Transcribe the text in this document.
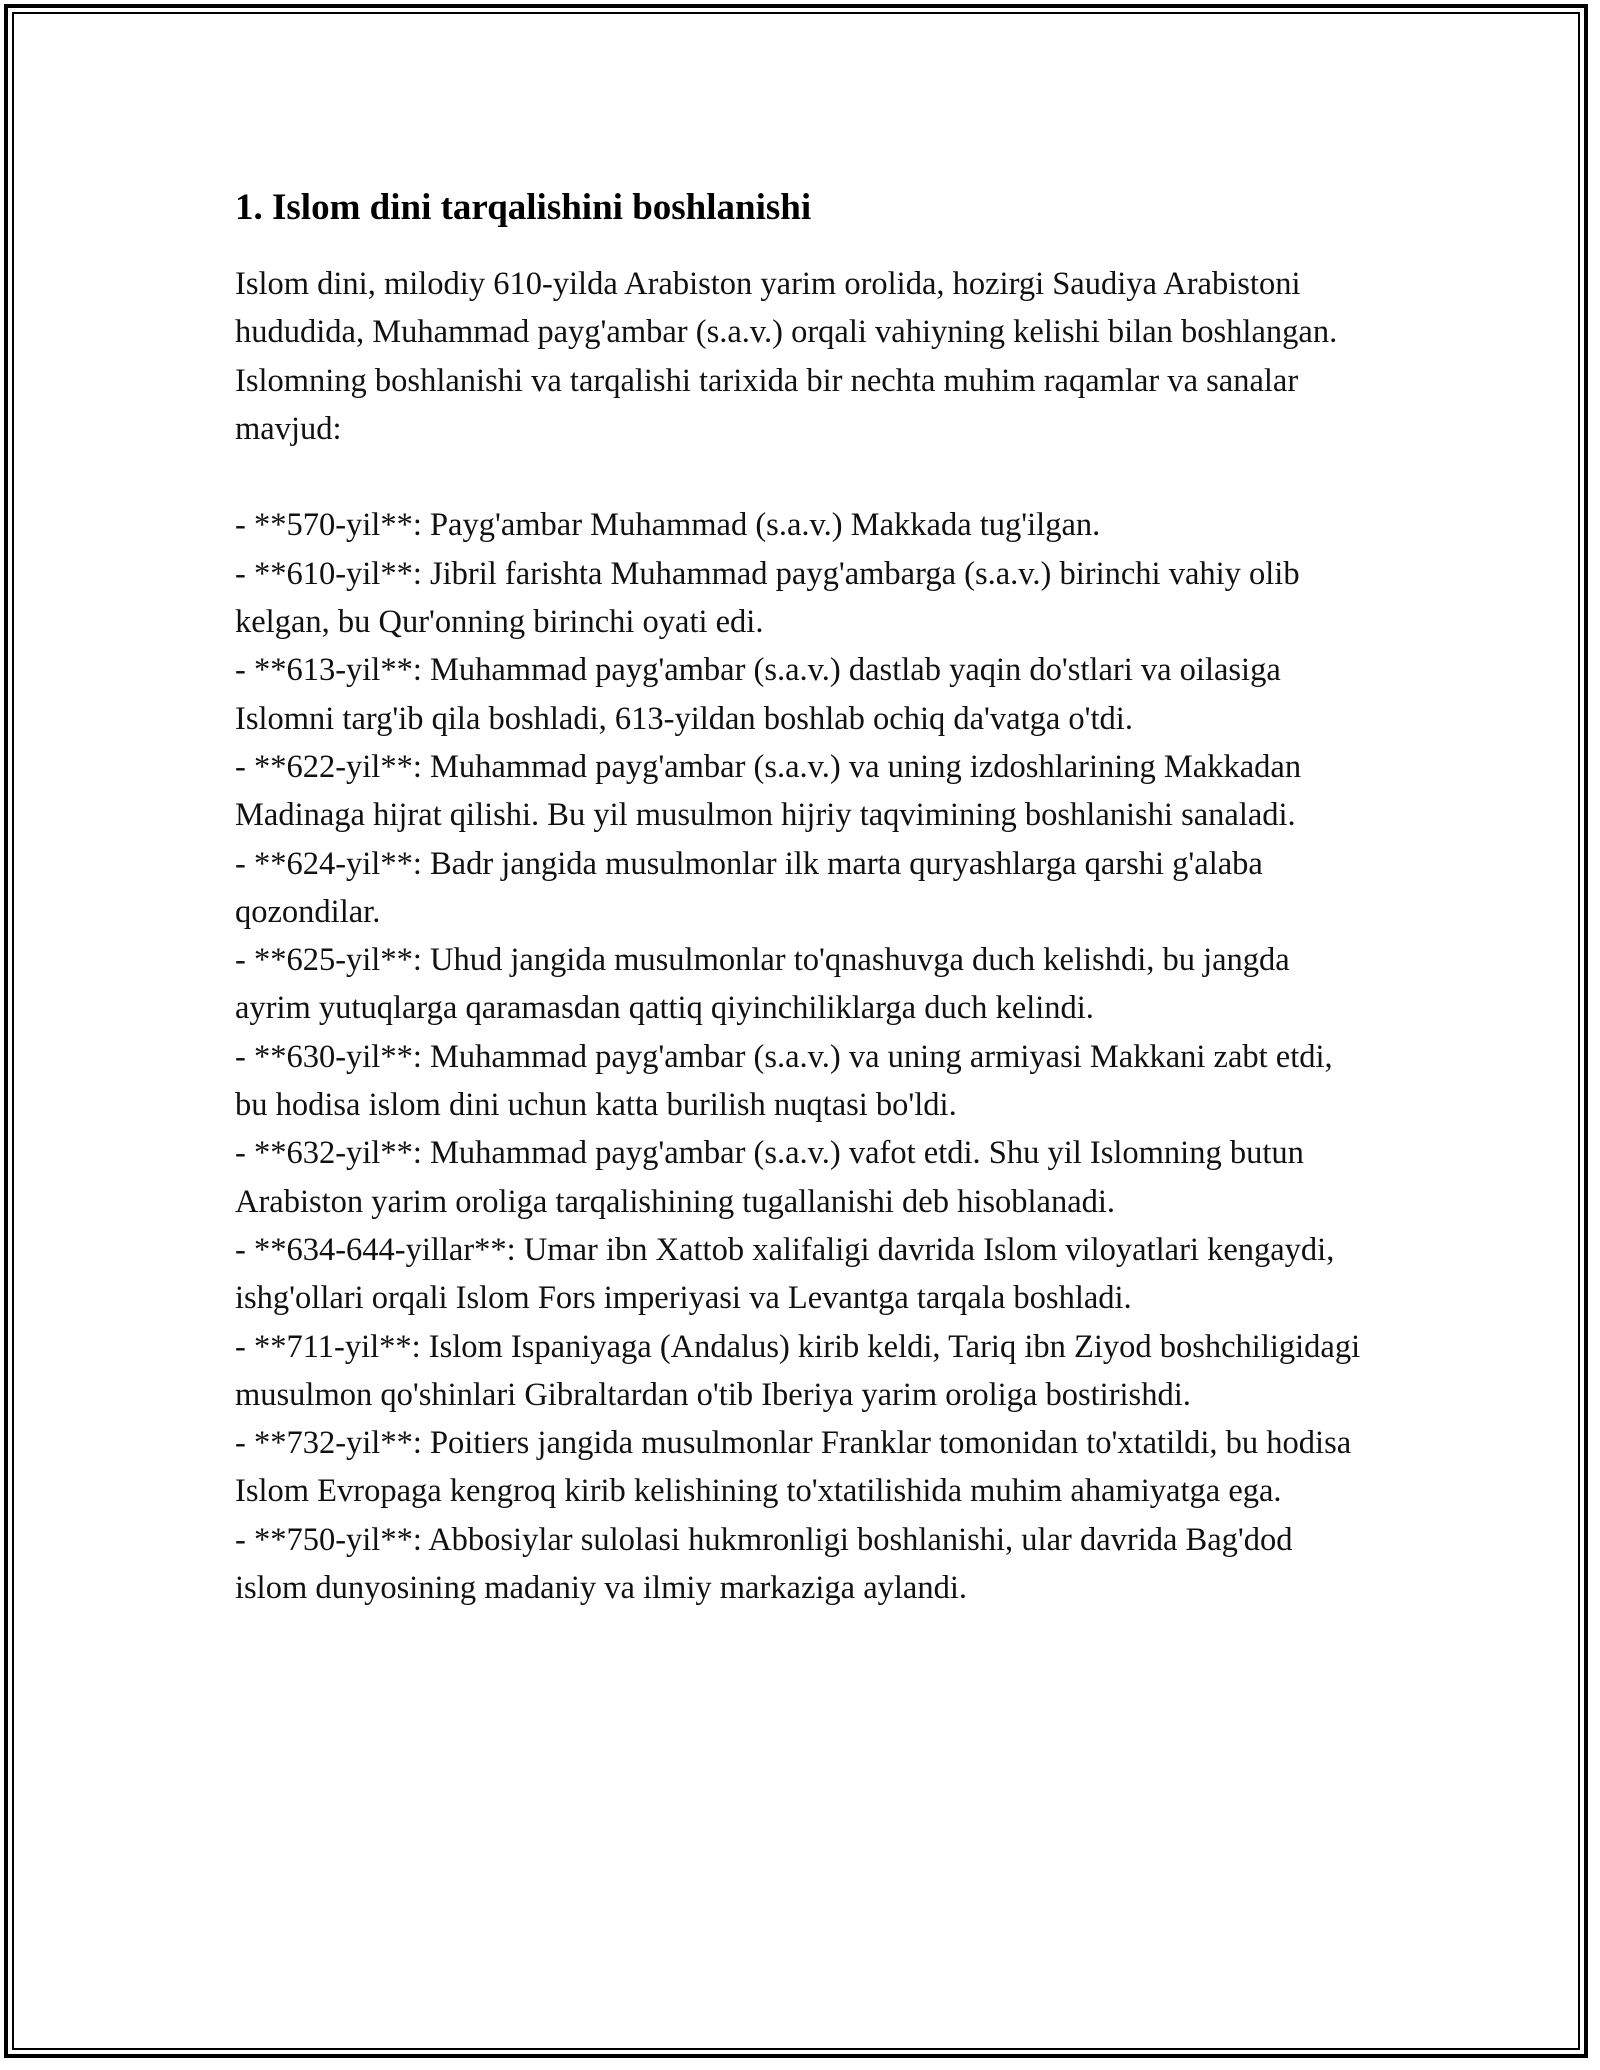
1. Islom dini tarqalishini boshlanishi

Islom dini, milodiy 610-yilda Arabiston yarim orolida, hozirgi Saudiya Arabistoni hududida, Muhammad payg'ambar (s.a.v.) orqali vahiyning kelishi bilan boshlangan. Islomning boshlanishi va tarqalishi tarixida bir nechta muhim raqamlar va sanalar mavjud:

- **570-yil**: Payg'ambar Muhammad (s.a.v.) Makkada tug'ilgan.
- **610-yil**: Jibril farishta Muhammad payg'ambarga (s.a.v.) birinchi vahiy olib kelgan, bu Qur'onning birinchi oyati edi.
- **613-yil**: Muhammad payg'ambar (s.a.v.) dastlab yaqin do'stlari va oilasiga Islomni targ'ib qila boshladi, 613-yildan boshlab ochiq da'vatga o'tdi.
- **622-yil**: Muhammad payg'ambar (s.a.v.) va uning izdoshlarining Makkadan Madinaga hijrat qilishi. Bu yil musulmon hijriy taqvimining boshlanishi sanaladi.
- **624-yil**: Badr jangida musulmonlar ilk marta quryashlarga qarshi g'alaba qozondilar.
- **625-yil**: Uhud jangida musulmonlar to'qnashuvga duch kelishdi, bu jangda ayrim yutuqlarga qaramasdan qattiq qiyinchiliklarga duch kelindi.
- **630-yil**: Muhammad payg'ambar (s.a.v.) va uning armiyasi Makkani zabt etdi, bu hodisa islom dini uchun katta burilish nuqtasi bo'ldi.
- **632-yil**: Muhammad payg'ambar (s.a.v.) vafot etdi. Shu yil Islomning butun Arabiston yarim oroliga tarqalishining tugallanishi deb hisoblanadi.
- **634-644-yillar**: Umar ibn Xattob xalifaligi davrida Islom viloyatlari kengaydi, ishg'ollari orqali Islom Fors imperiyasi va Levantga tarqala boshladi.
- **711-yil**: Islom Ispaniyaga (Andalus) kirib keldi, Tariq ibn Ziyod boshchiligidagi musulmon qo'shinlari Gibraltardan o'tib Iberiya yarim oroliga bostirishdi.
- **732-yil**: Poitiers jangida musulmonlar Franklar tomonidan to'xtatildi, bu hodisa Islom Evropaga kengroq kirib kelishining to'xtatilishida muhim ahamiyatga ega.
- **750-yil**: Abbosiylar sulolasi hukmronligi boshlanishi, ular davrida Bag'dod islom dunyosining madaniy va ilmiy markaziga aylandi.
